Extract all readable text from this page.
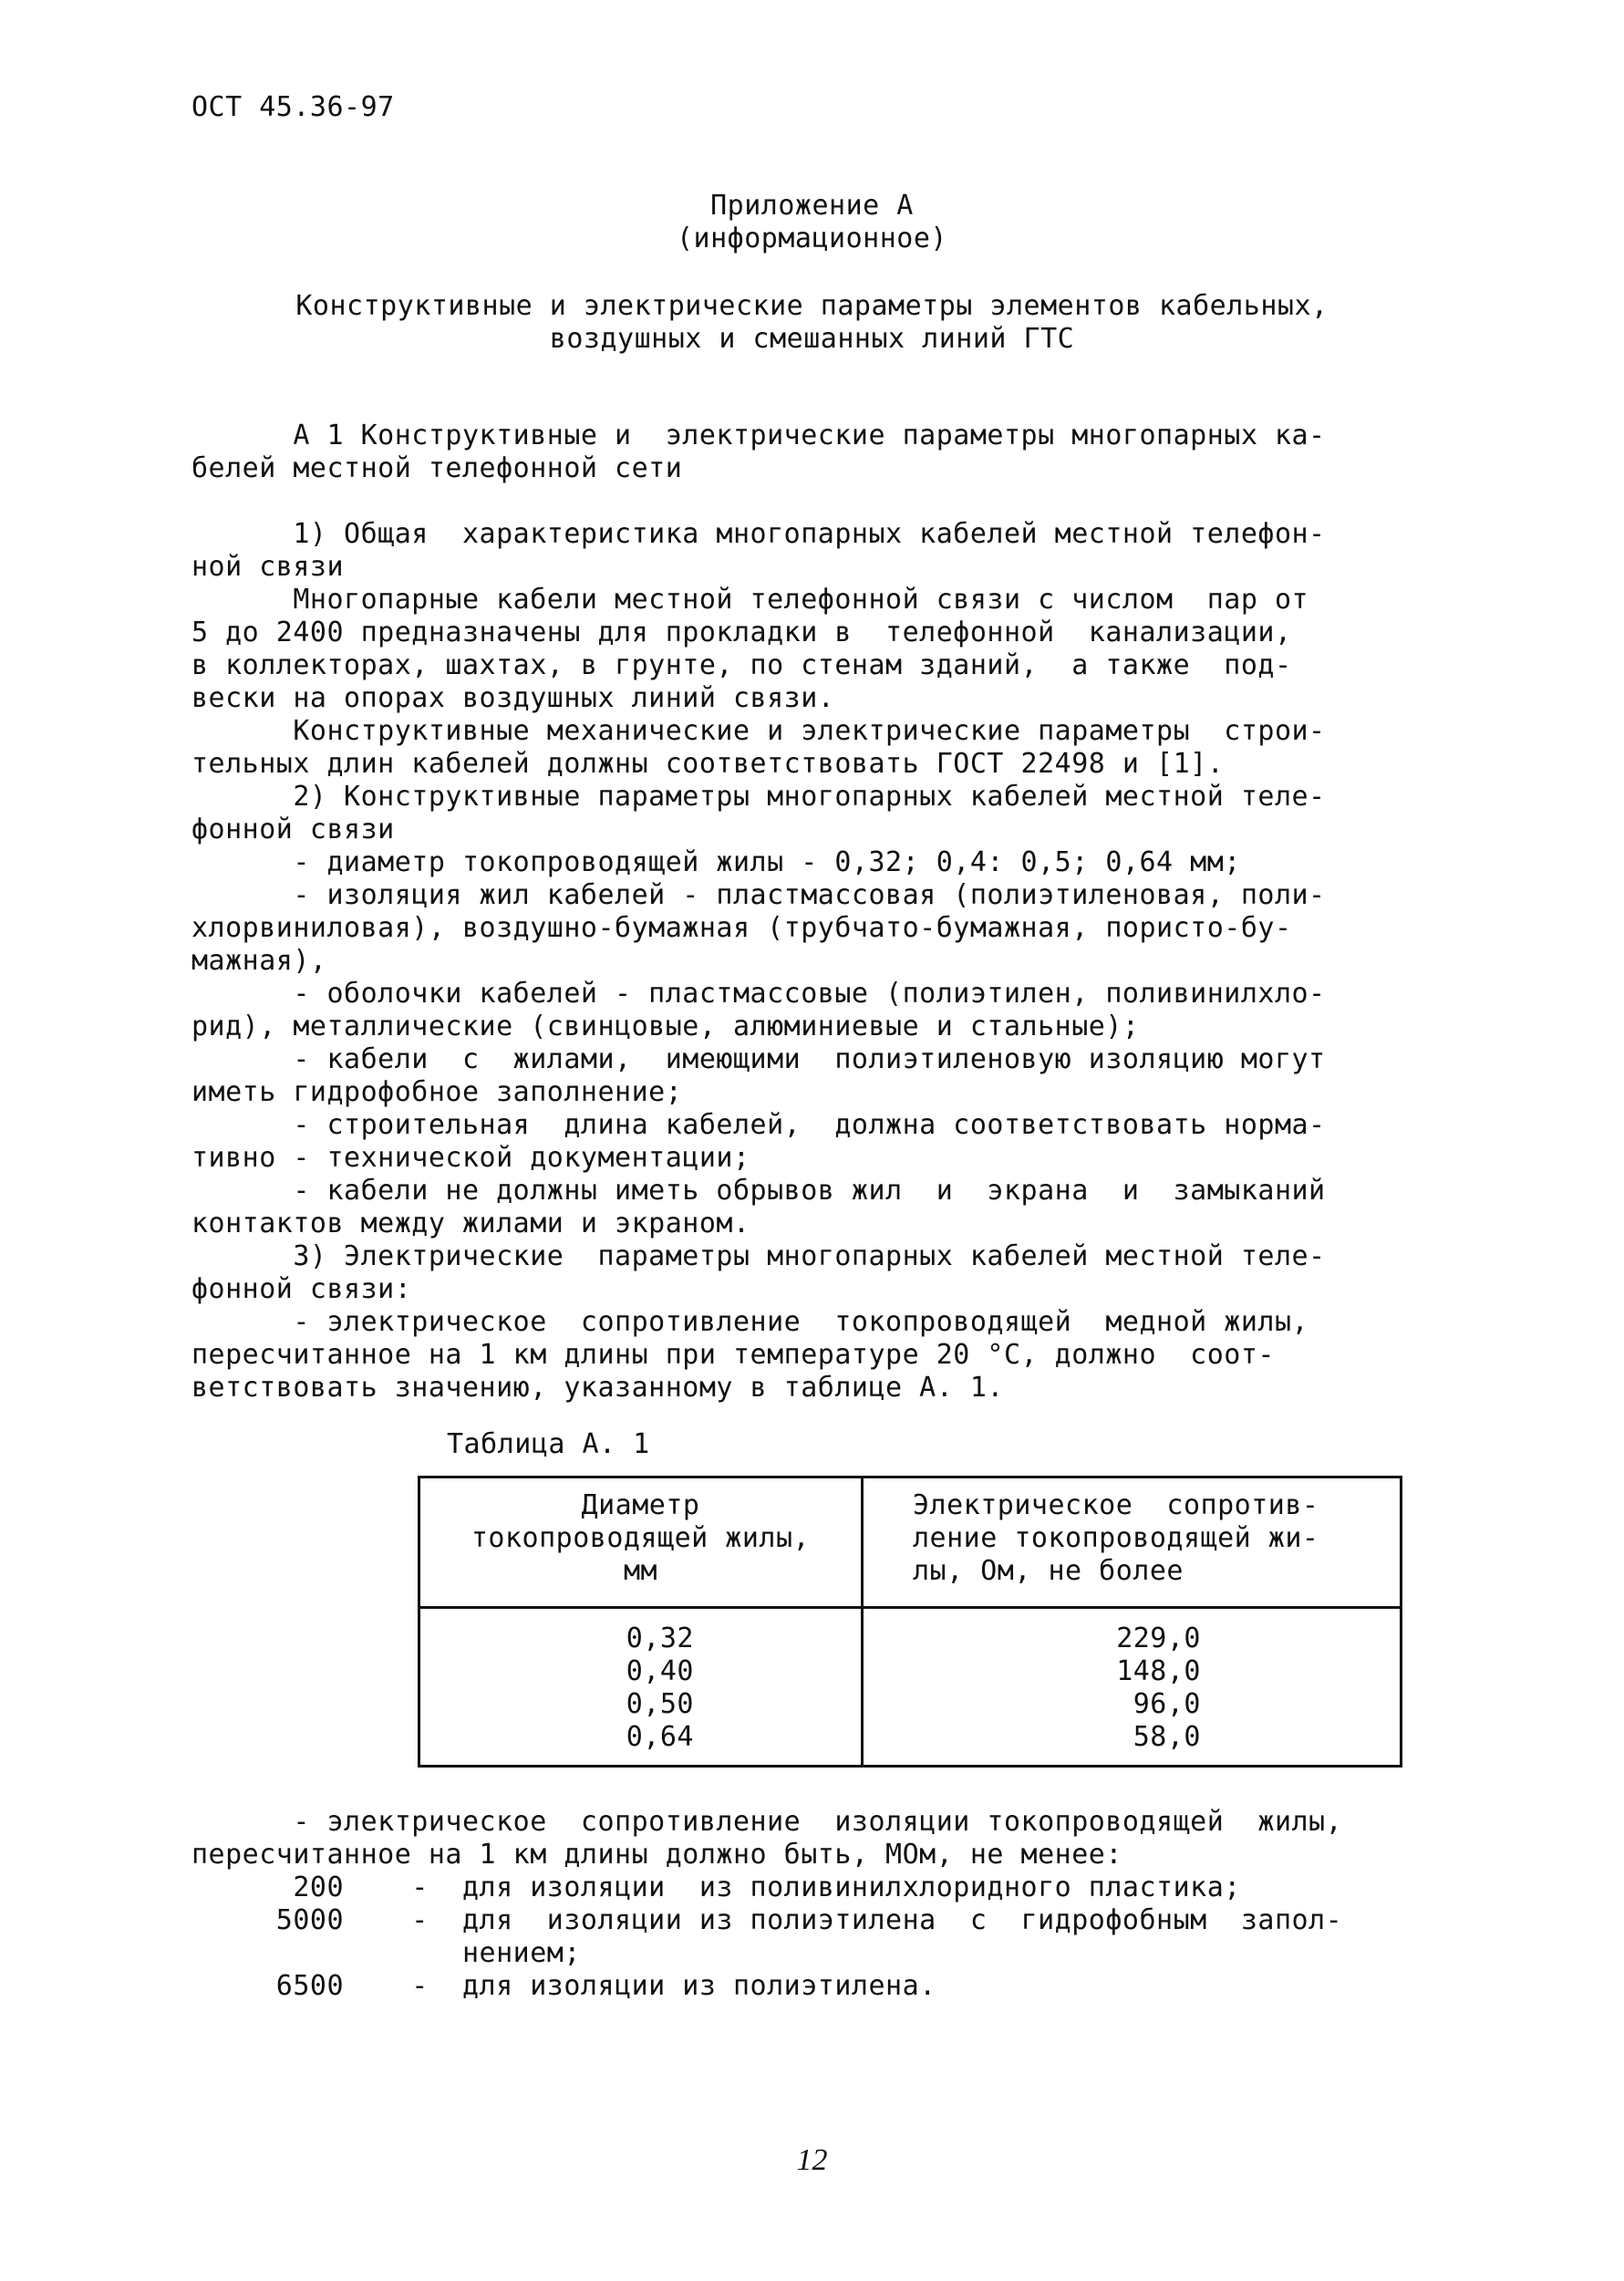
ОСТ 45.36-97
Приложение А
(информационное)
Конструктивные и электрические параметры элементов кабельных,
воздушных и смешанных линий ГТС
А 1 Конструктивные и  электрические параметры многопарных ка-
белей местной телефонной сети

1) Общая  характеристика многопарных кабелей местной телефон-
ной связи
Многопарные кабели местной телефонной связи с числом  пар от
5 до 2400 предназначены для прокладки в  телефонной  канализации,
в коллекторах, шахтах, в грунте, по стенам зданий,  а также  под-
вески на опорах воздушных линий связи.
Конструктивные механические и электрические параметры  строи-
тельных длин кабелей должны соответствовать ГОСТ 22498 и [1].
2) Конструктивные параметры многопарных кабелей местной теле-
фонной связи
- диаметр токопроводящей жилы - 0,32; 0,4: 0,5; 0,64 мм;
- изоляция жил кабелей - пластмассовая (полиэтиленовая, поли-
хлорвиниловая), воздушно-бумажная (трубчато-бумажная, пористо-бу-
мажная),
- оболочки кабелей - пластмассовые (полиэтилен, поливинилхло-
рид), металлические (свинцовые, алюминиевые и стальные);
- кабели  с  жилами,  имеющими  полиэтиленовую изоляцию могут
иметь гидрофобное заполнение;
- строительная  длина кабелей,  должна соответствовать норма-
тивно - технической документации;
- кабели не должны иметь обрывов жил  и  экрана  и  замыканий
контактов между жилами и экраном.
3) Электрические  параметры многопарных кабелей местной теле-
фонной связи:
- электрическое  сопротивление  токопроводящей  медной жилы,
пересчитанное на 1 км длины при температуре 20 °С, должно  соот-
ветствовать значению, указанному в таблице А. 1.
Таблица А. 1
Диаметр
токопроводящей жилы,
мм
Электрическое  сопротив-
ление токопроводящей жи-
лы, Ом, не более
0,32
0,40
0,50
0,64
229,0
148,0
96,0
58,0
- электрическое  сопротивление  изоляции токопроводящей  жилы,
пересчитанное на 1 км длины должно быть, МОм, не менее:
200    -  для изоляции  из поливинилхлоридного пластика;
5000    -  для  изоляции из полиэтилена  с  гидрофобным  запол-
нением;
6500    -  для изоляции из полиэтилена.
12
